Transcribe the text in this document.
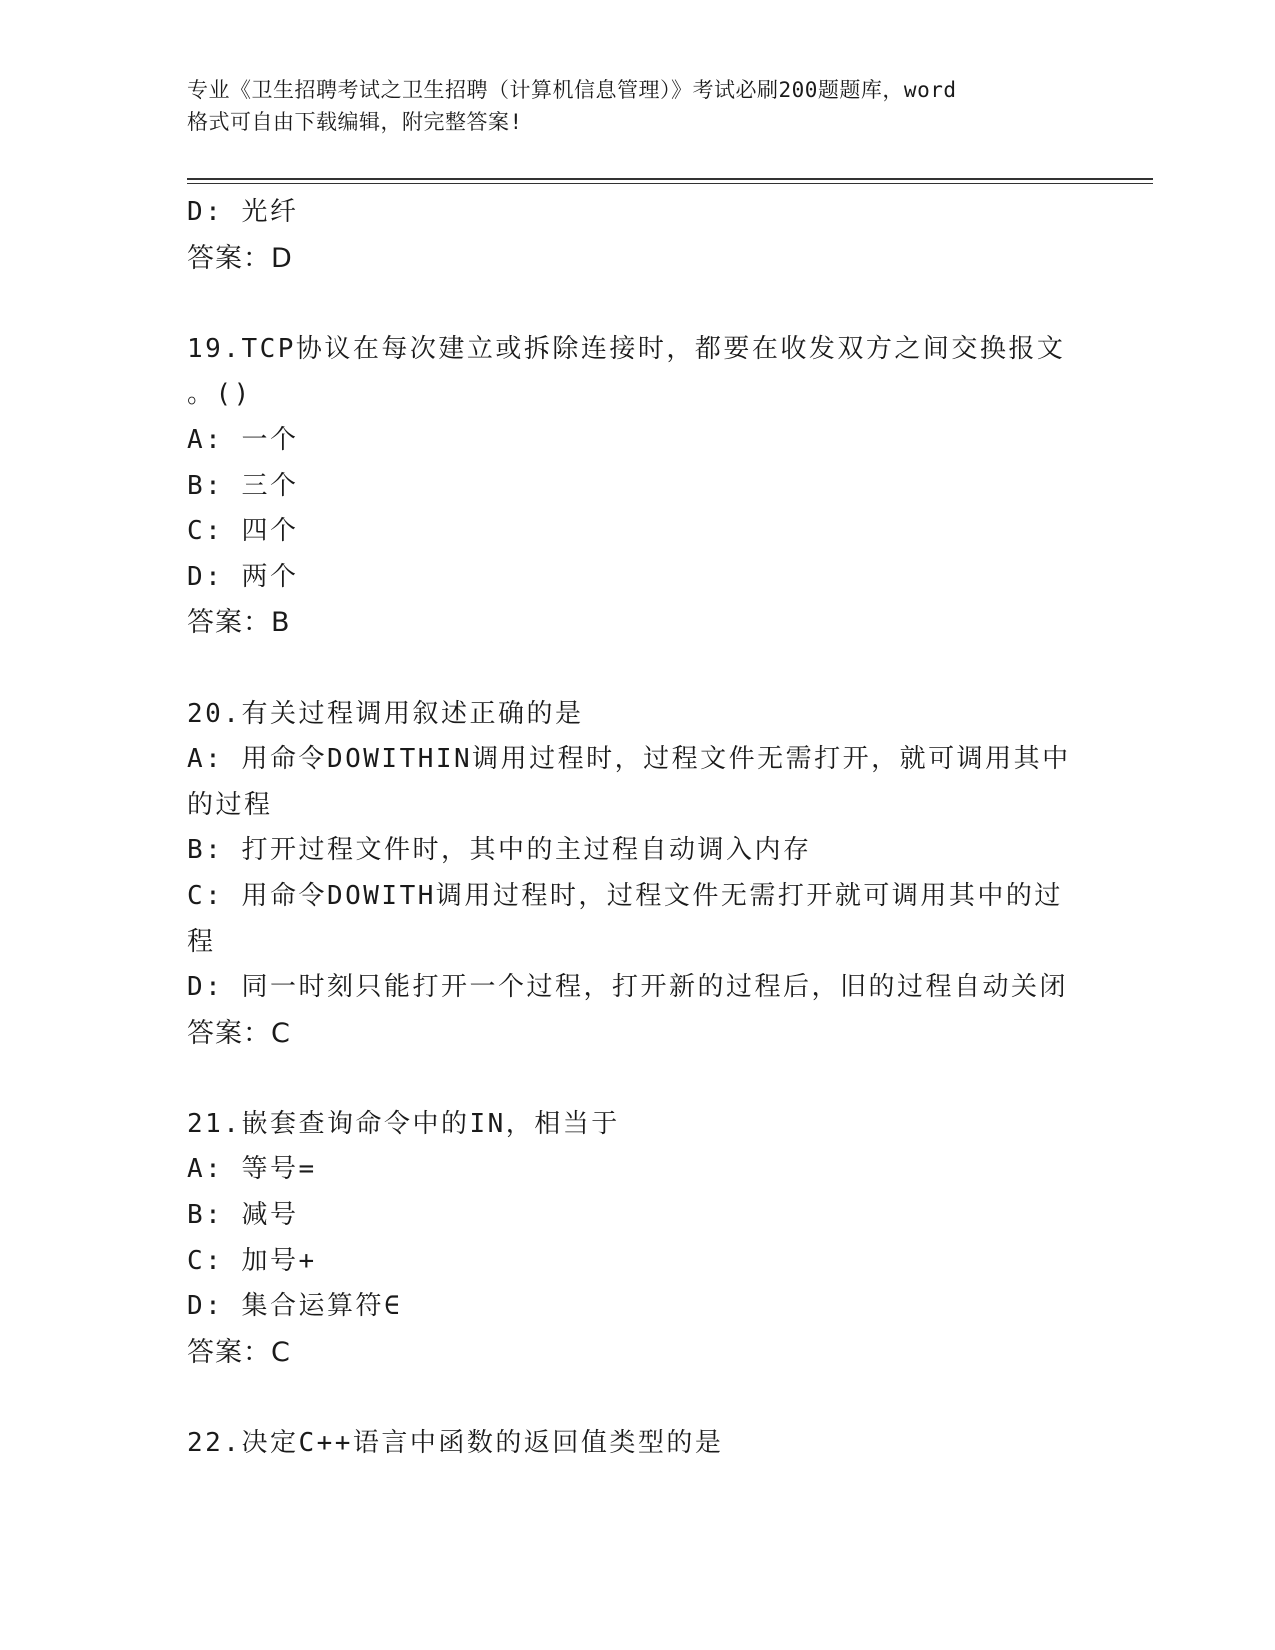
专业《卫生招聘考试之卫生招聘（计算机信息管理）》考试必刷200题题库，word
格式可自由下载编辑，附完整答案!
D: 光纤
答案：D
19.TCP协议在每次建立或拆除连接时，都要在收发双方之间交换报文
。()
A: 一个
B: 三个
C: 四个
D: 两个
答案：B
20.有关过程调用叙述正确的是
A: 用命令DOWITHIN调用过程时，过程文件无需打开，就可调用其中
的过程
B: 打开过程文件时，其中的主过程自动调入内存
C: 用命令DOWITH调用过程时，过程文件无需打开就可调用其中的过
程
D: 同一时刻只能打开一个过程，打开新的过程后，旧的过程自动关闭
答案：C
21.嵌套查询命令中的IN，相当于
A: 等号=
B: 减号
C: 加号+
D: 集合运算符∈
答案：C
22.决定C++语言中函数的返回值类型的是
